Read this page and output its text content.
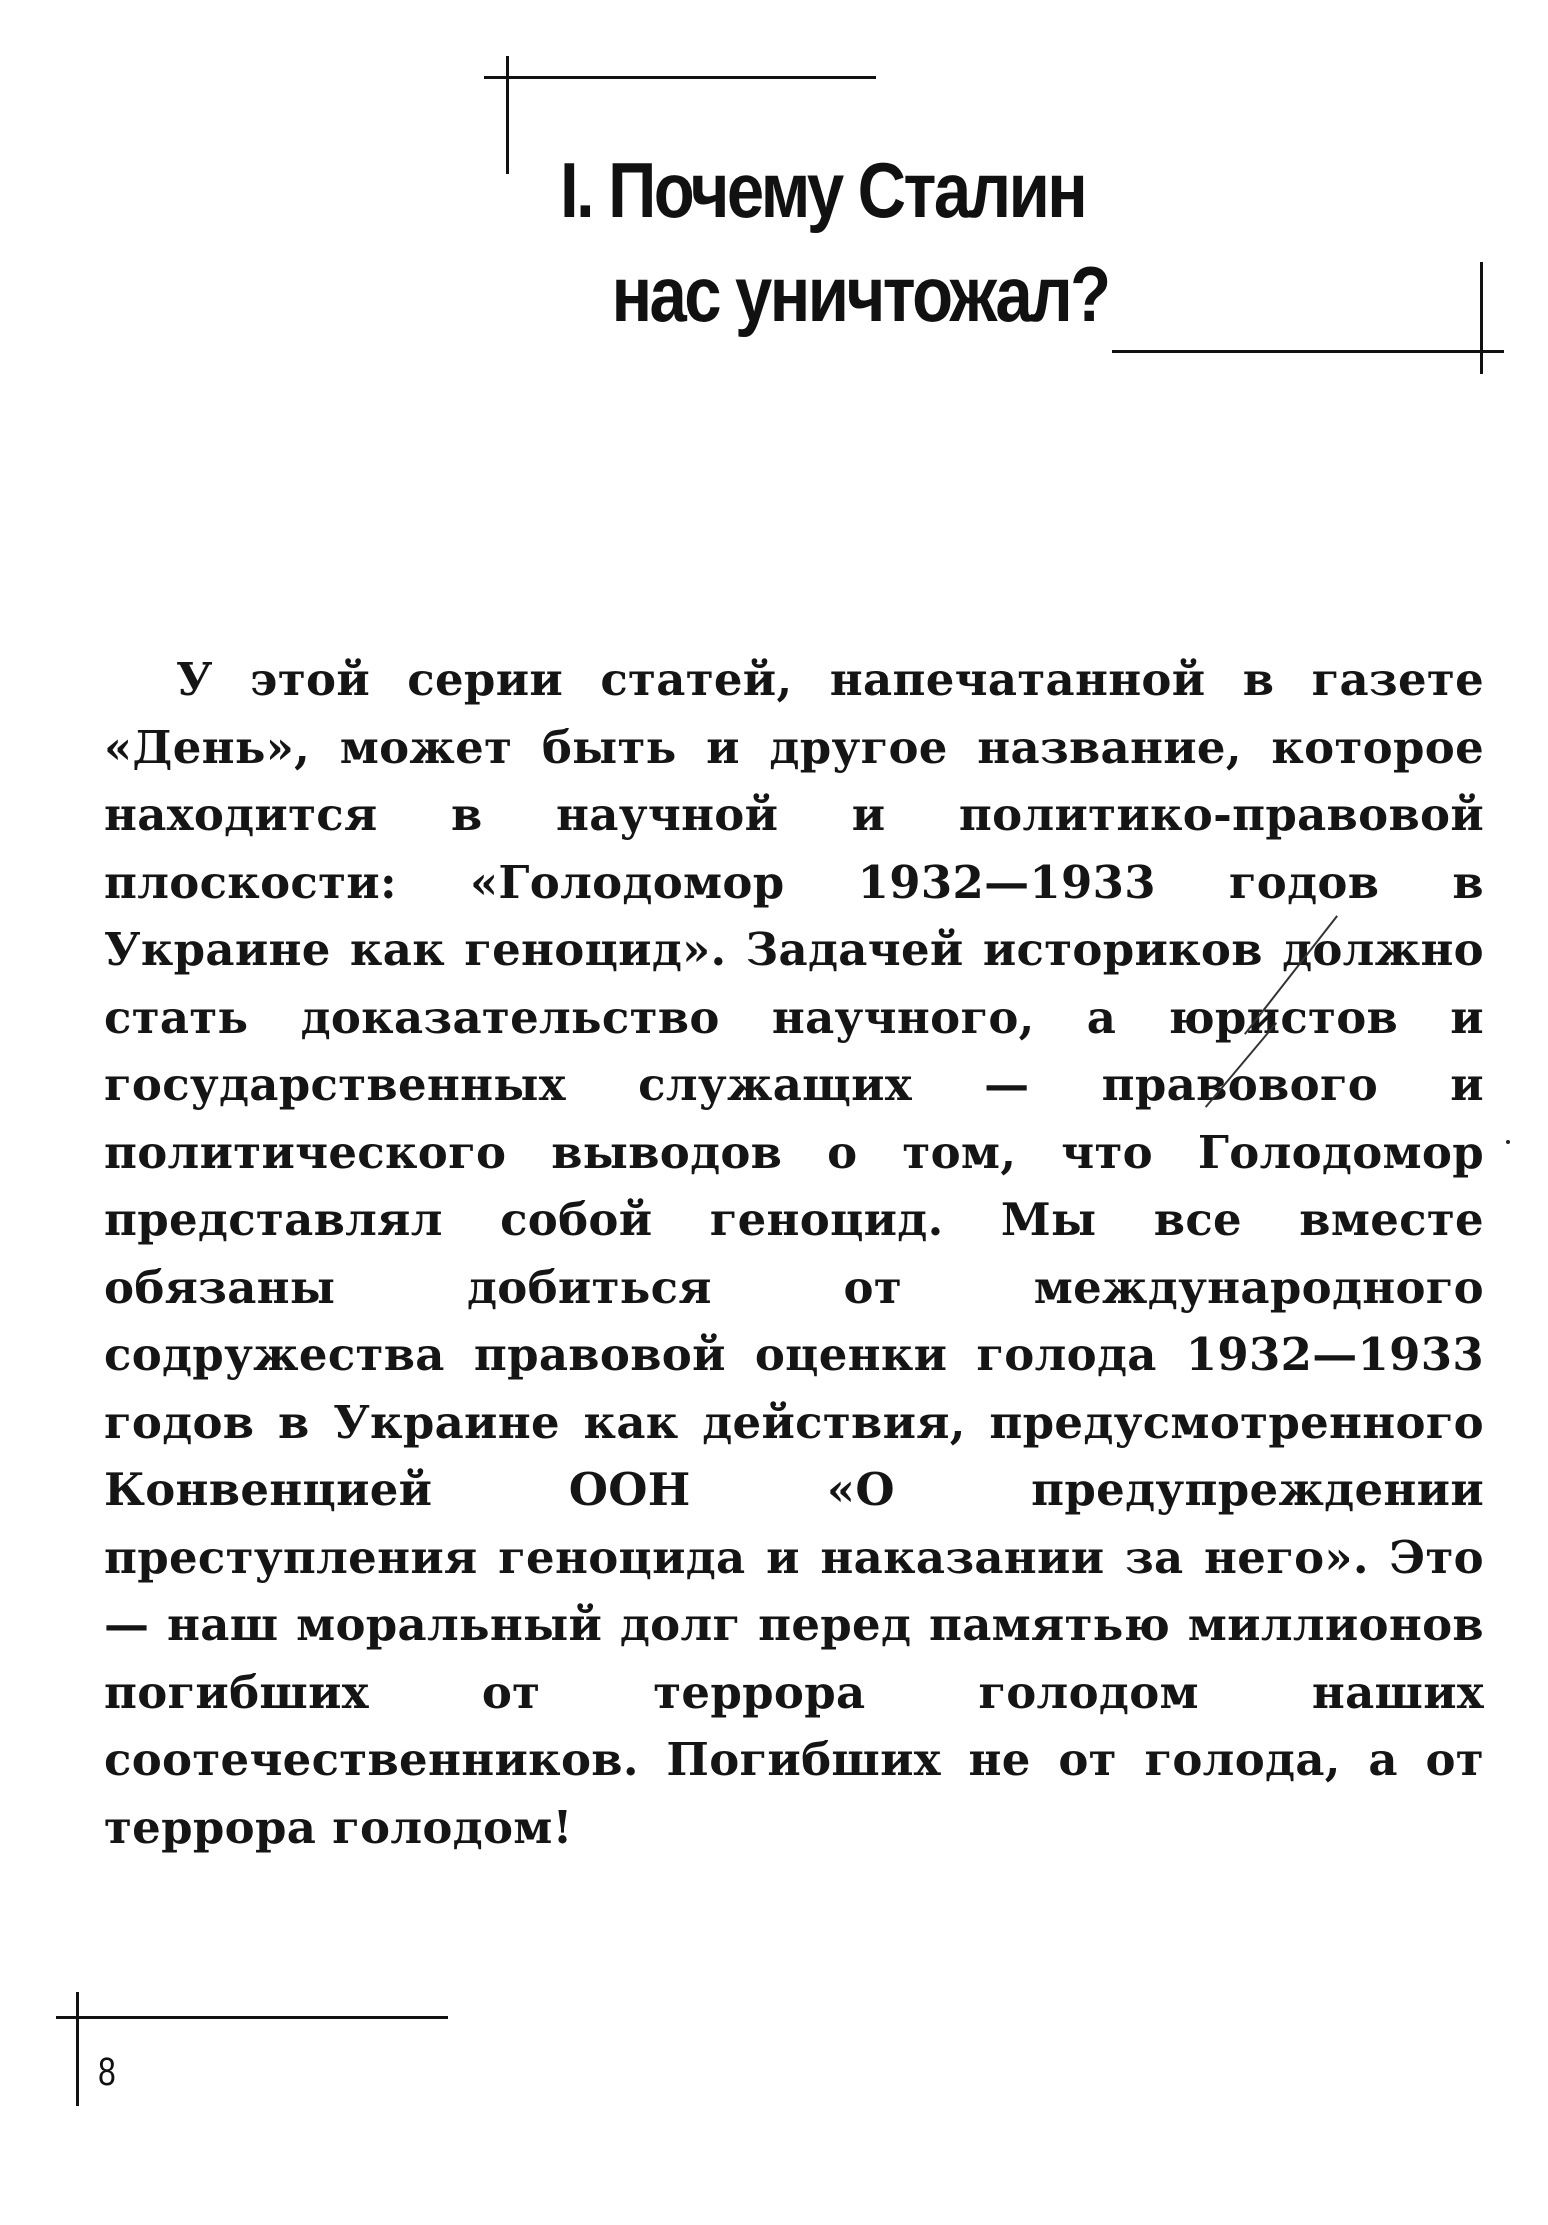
I. Почему Сталин
нас уничтожал?

У этой серии статей, напечатанной в газете «День», может быть и другое название, которое находится в научной и политико-правовой плоскости: «Голодомор 1932—1933 годов в Украине как геноцид». Задачей историков должно стать доказательство научного, а юристов и государственных служащих — правового и политического выводов о том, что Голодомор представлял собой геноцид. Мы все вместе обязаны добиться от международного содружества правовой оценки голода 1932—1933 годов в Украине как действия, предусмотренного Конвенцией ООН «О предупреждении преступления геноцида и наказании за него». Это — наш моральный долг перед памятью миллионов погибших от террора голодом наших соотечественников. Погибших не от голода, а от террора голодом!

8
